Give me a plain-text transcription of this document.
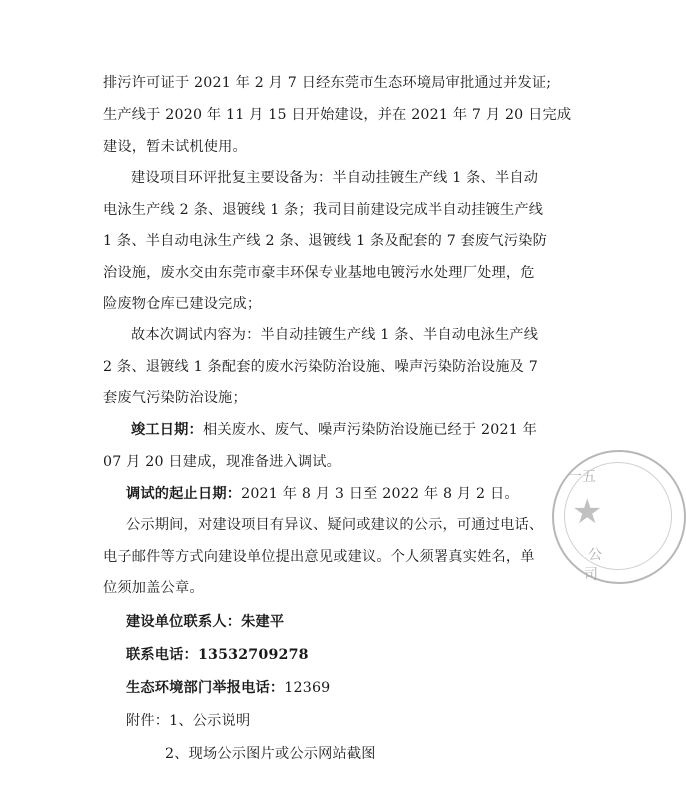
排污许可证于 2021 年 2 月 7 日经东莞市生态环境局审批通过并发证;
生产线于 2020 年 11 月 15 日开始建设，并在 2021 年 7 月 20 日完成
建设，暂未试机使用。
建设项目环评批复主要设备为：半自动挂镀生产线 1 条、半自动
电泳生产线 2 条、退镀线 1 条；我司目前建设完成半自动挂镀生产线
1 条、半自动电泳生产线 2 条、退镀线 1 条及配套的 7 套废气污染防
治设施，废水交由东莞市豪丰环保专业基地电镀污水处理厂处理，危
险废物仓库已建设完成；
故本次调试内容为：半自动挂镀生产线 1 条、半自动电泳生产线
2 条、退镀线 1 条配套的废水污染防治设施、噪声污染防治设施及 7
套废气污染防治设施；
竣工日期：相关废水、废气、噪声污染防治设施已经于 2021 年
07 月 20 日建成，现准备进入调试。
调试的起止日期：2021 年 8 月 3 日至 2022 年 8 月 2 日。
公示期间，对建设项目有异议、疑问或建议的公示，可通过电话、
电子邮件等方式向建设单位提出意见或建议。个人须署真实姓名，单
位须加盖公章。
建设单位联系人：朱建平
联系电话：13532709278
生态环境部门举报电话：12369
附件：1、公示说明
2、现场公示图片或公示网站截图
★
一五
公
司
